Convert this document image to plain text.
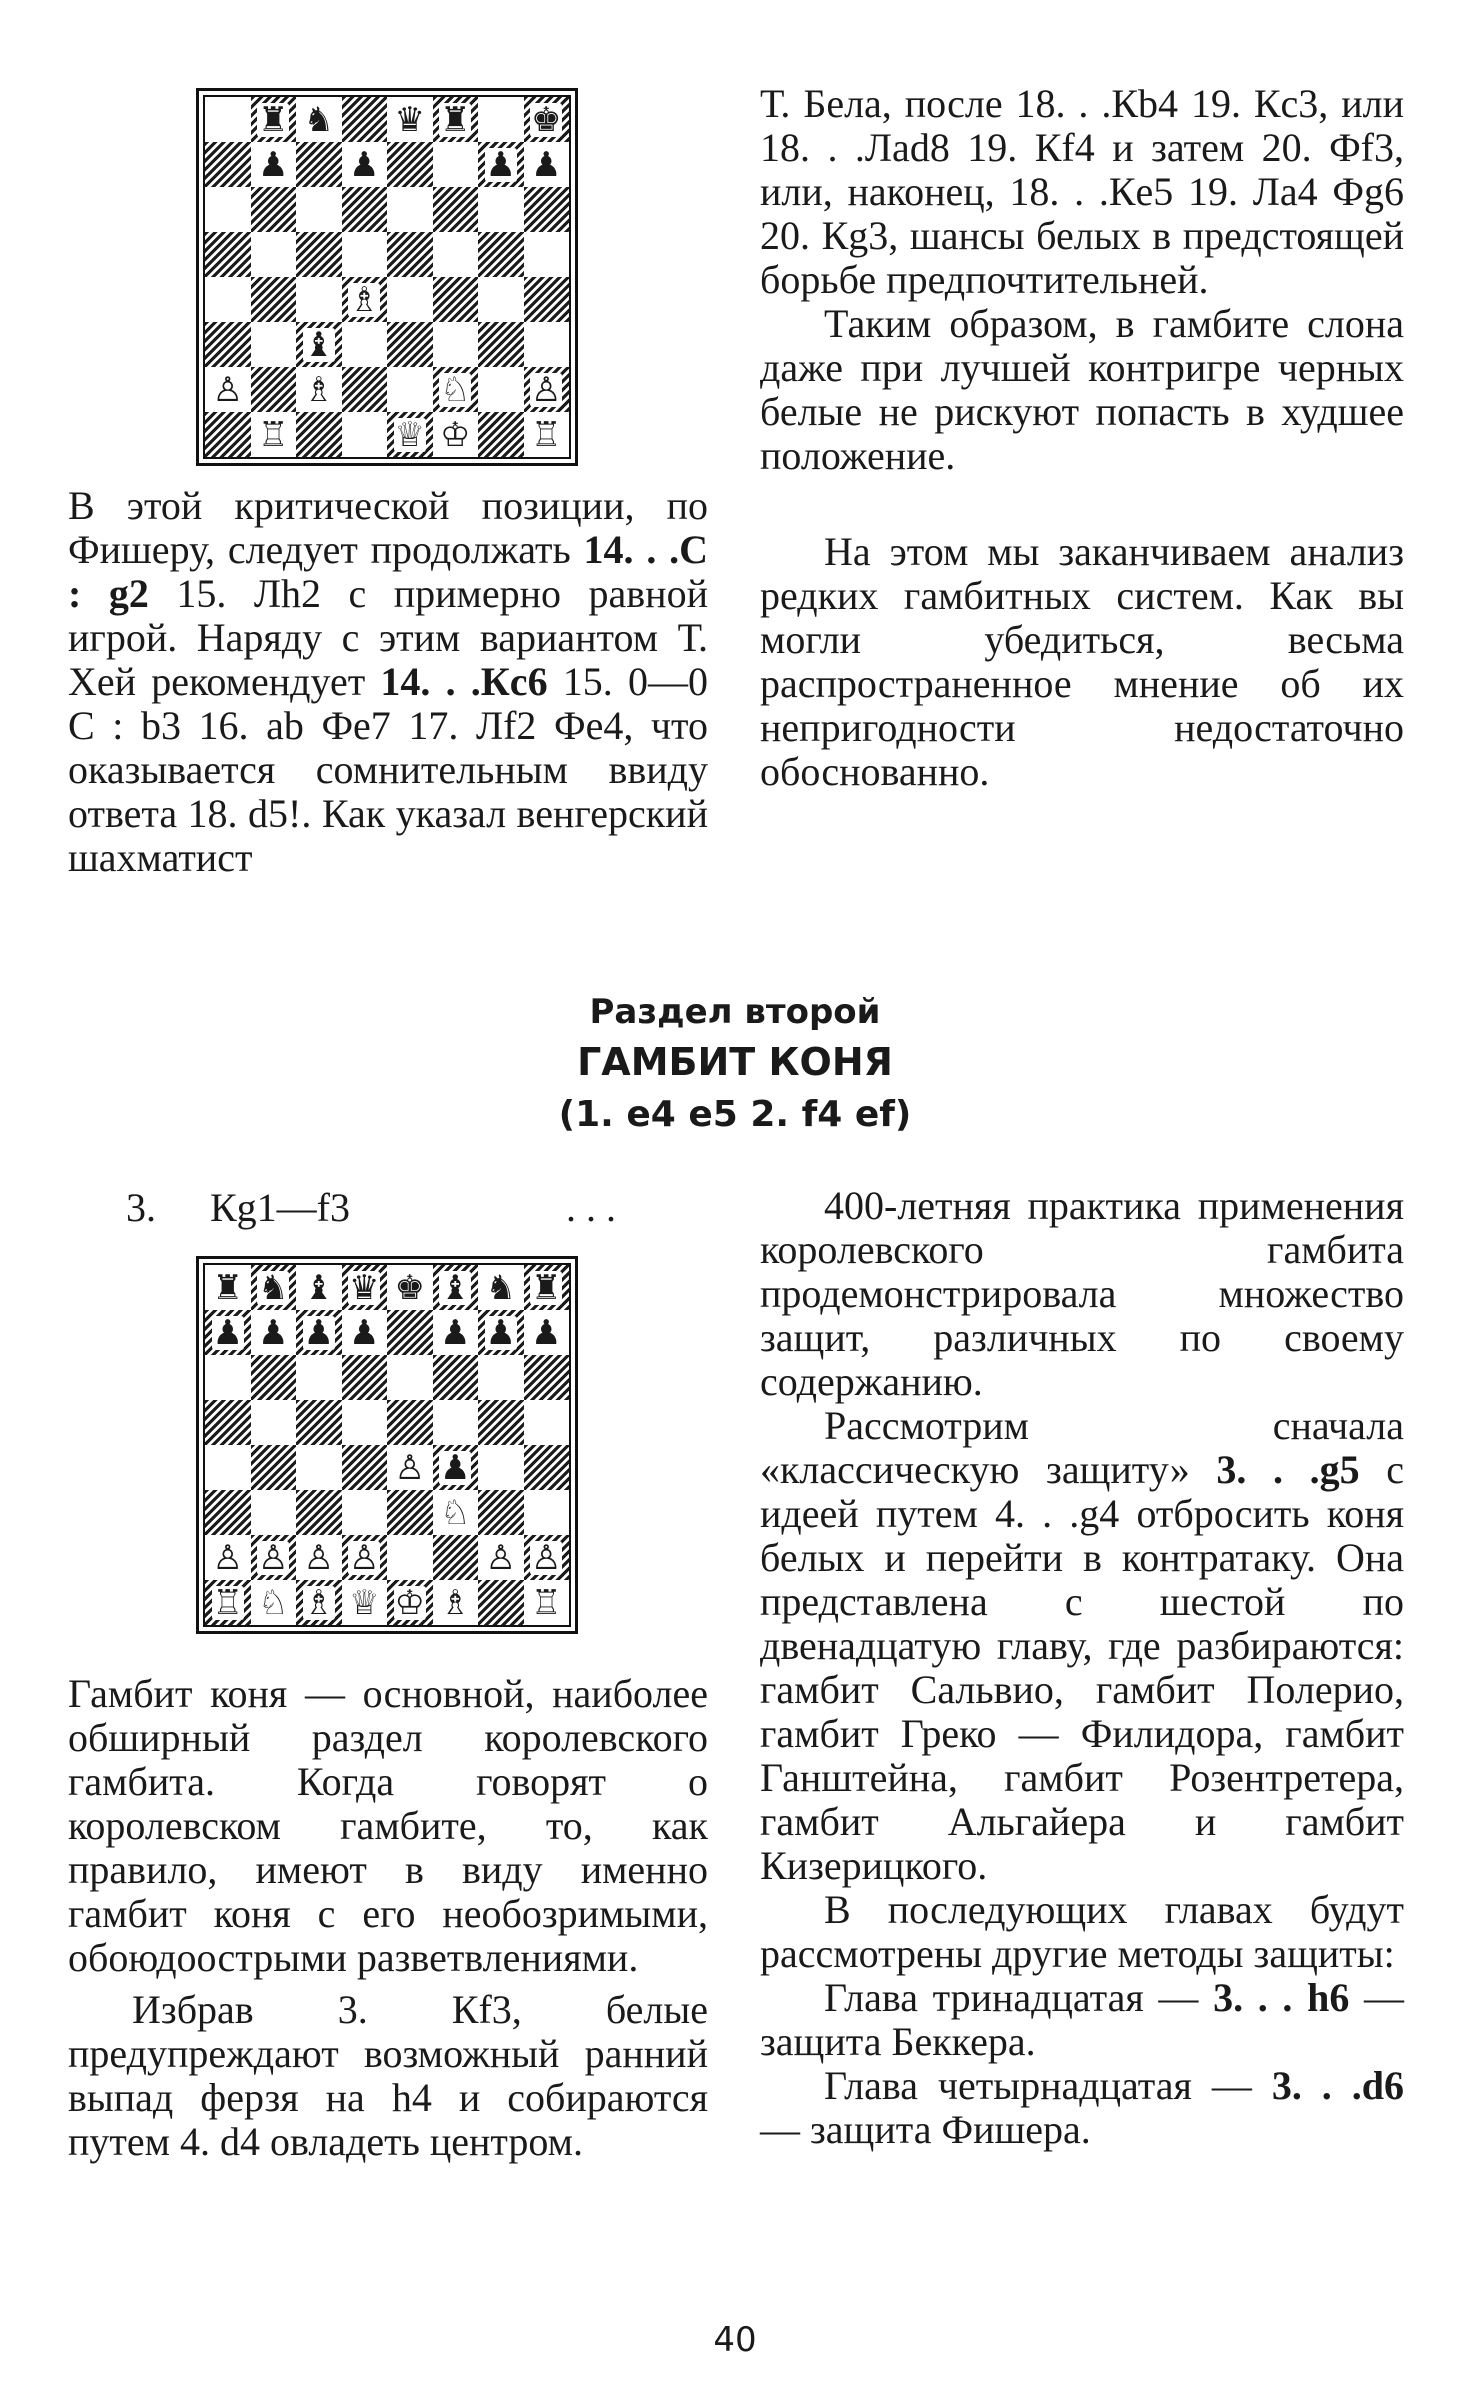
♜ ♞ ♛ ♜ ♚
♟ ♟	♟ ♟
♗
♝
♙ ♗	♘ ♙
♖	♕ ♔ ♖

В этой критической позиции, по Фишеру, следует продолжать 14. . .С : g2 15. Лh2 с примерно равной игрой. Наряду с этим вариантом Т. Хей рекомендует 14. . .Кc6 15. 0—0 С : b3 16. ab Фe7 17. Лf2 Фe4, что оказывается сомнительным ввиду ответа 18. d5!. Как указал венгерский шахматист

Т. Бела, после 18. . .Кb4 19. Кc3, или 18. . .Лad8 19. Кf4 и затем 20. Фf3, или, наконец, 18. . .Кe5 19. Лa4 Фg6 20. Кg3, шансы белых в предстоящей борьбе предпочтительней.

Таким образом, в гамбите слона даже при лучшей контригре черных белые не рискуют попасть в худшее положение.

На этом мы заканчиваем анализ редких гамбитных систем. Как вы могли убедиться, весьма распространенное мнение об их непригодности недостаточно обоснованно.

Раздел второй
ГАМБИТ КОНЯ
(1. e4 e5 2. f4 ef)
3. Кg1—f3	. . .
♜ ♞ ♝ ♛ ♚ ♝ ♞ ♜
♟ ♟ ♟ ♟ ♟ ♟ ♟
♙ ♟
♘
♙ ♙ ♙ ♙	♙ ♙
♖ ♘ ♗ ♕ ♔ ♗ ♖

Гамбит коня — основной, наиболее обширный раздел королевского гамбита. Когда говорят о королевском гамбите, то, как правило, имеют в виду именно гамбит коня с его необозримыми, обоюдоострыми разветвлениями.

Избрав 3. Кf3, белые предупреждают возможный ранний выпад ферзя на h4 и собираются путем 4. d4 овладеть центром.

400-летняя практика применения королевского гамбита продемонстрировала множество защит, различных по своему содержанию.

Рассмотрим сначала «классическую защиту» 3. . .g5 с идеей путем 4. . .g4 отбросить коня белых и перейти в контратаку. Она представлена с шестой по двенадцатую главу, где разбираются: гамбит Сальвио, гамбит Полерио, гамбит Греко — Филидора, гамбит Ганштейна, гамбит Розентретера, гамбит Альгайера и гамбит Кизерицкого.

В последующих главах будут рассмотрены другие методы защиты:

Глава тринадцатая — 3. . . h6 — защита Беккера.

Глава четырнадцатая — 3. . .d6 — защита Фишера.

40
